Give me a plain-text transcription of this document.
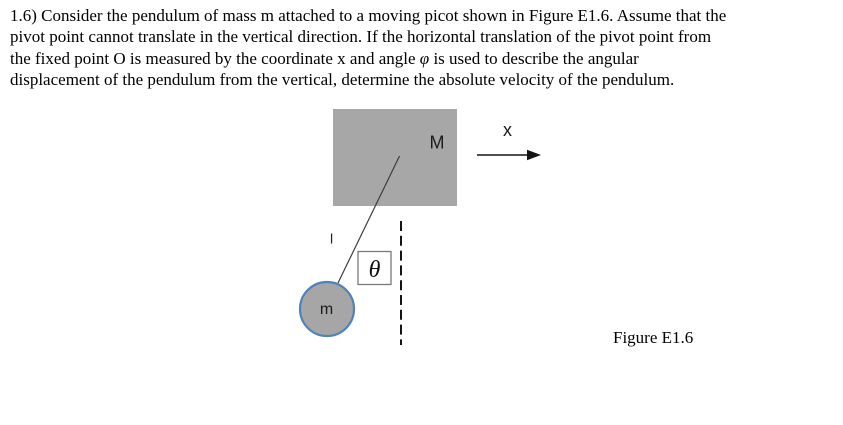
1.6) Consider the pendulum of mass m attached to a moving picot shown in Figure E1.6. Assume that the
pivot point cannot translate in the vertical direction. If the horizontal translation of the pivot point from
the fixed point O is measured by the coordinate x and angle φ is used to describe the angular
displacement of the pendulum from the vertical, determine the absolute velocity of the pendulum.
M
x
l
θ
m
Figure E1.6
